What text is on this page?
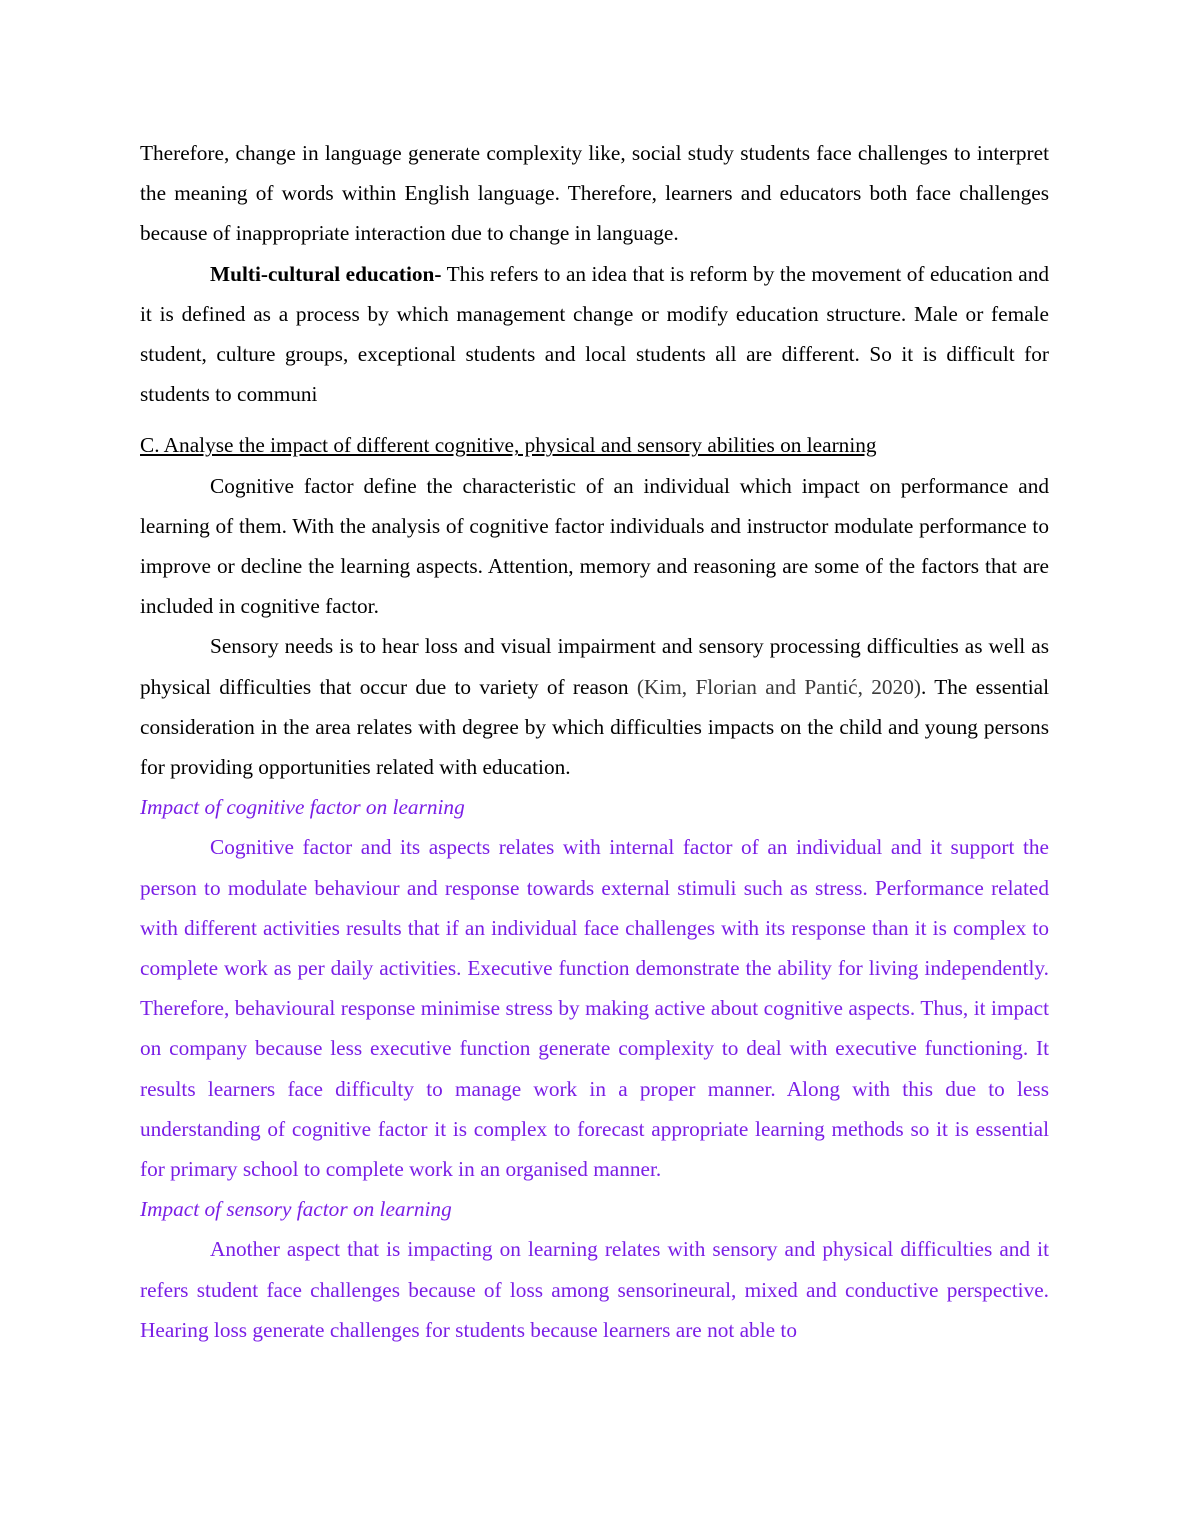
Therefore, change in language generate complexity like, social study students face challenges to interpret the meaning of words within English language. Therefore, learners and educators both face challenges because of inappropriate interaction due to change in language.

Multi-cultural education- This refers to an idea that is reform by the movement of education and it is defined as a process by which management change or modify education structure. Male or female student, culture groups, exceptional students and local students all are different. So it is difficult for students to communi

C. Analyse the impact of different cognitive, physical and sensory abilities on learning

Cognitive factor define the characteristic of an individual which impact on performance and learning of them. With the analysis of cognitive factor individuals and instructor modulate performance to improve or decline the learning aspects. Attention, memory and reasoning are some of the factors that are included in cognitive factor.

Sensory needs is to hear loss and visual impairment and sensory processing difficulties as well as physical difficulties that occur due to variety of reason (Kim, Florian and Pantić, 2020). The essential consideration in the area relates with degree by which difficulties impacts on the child and young persons for providing opportunities related with education.

Impact of cognitive factor on learning

Cognitive factor and its aspects relates with internal factor of an individual and it support the person to modulate behaviour and response towards external stimuli such as stress. Performance related with different activities results that if an individual face challenges with its response than it is complex to complete work as per daily activities. Executive function demonstrate the ability for living independently. Therefore, behavioural response minimise stress by making active about cognitive aspects. Thus, it impact on company because less executive function generate complexity to deal with executive functioning. It results learners face difficulty to manage work in a proper manner. Along with this due to less understanding of cognitive factor it is complex to forecast appropriate learning methods so it is essential for primary school to complete work in an organised manner.

Impact of sensory factor on learning

Another aspect that is impacting on learning relates with sensory and physical difficulties and it refers student face challenges because of loss among sensorineural, mixed and conductive perspective. Hearing loss generate challenges for students because learners are not able to
